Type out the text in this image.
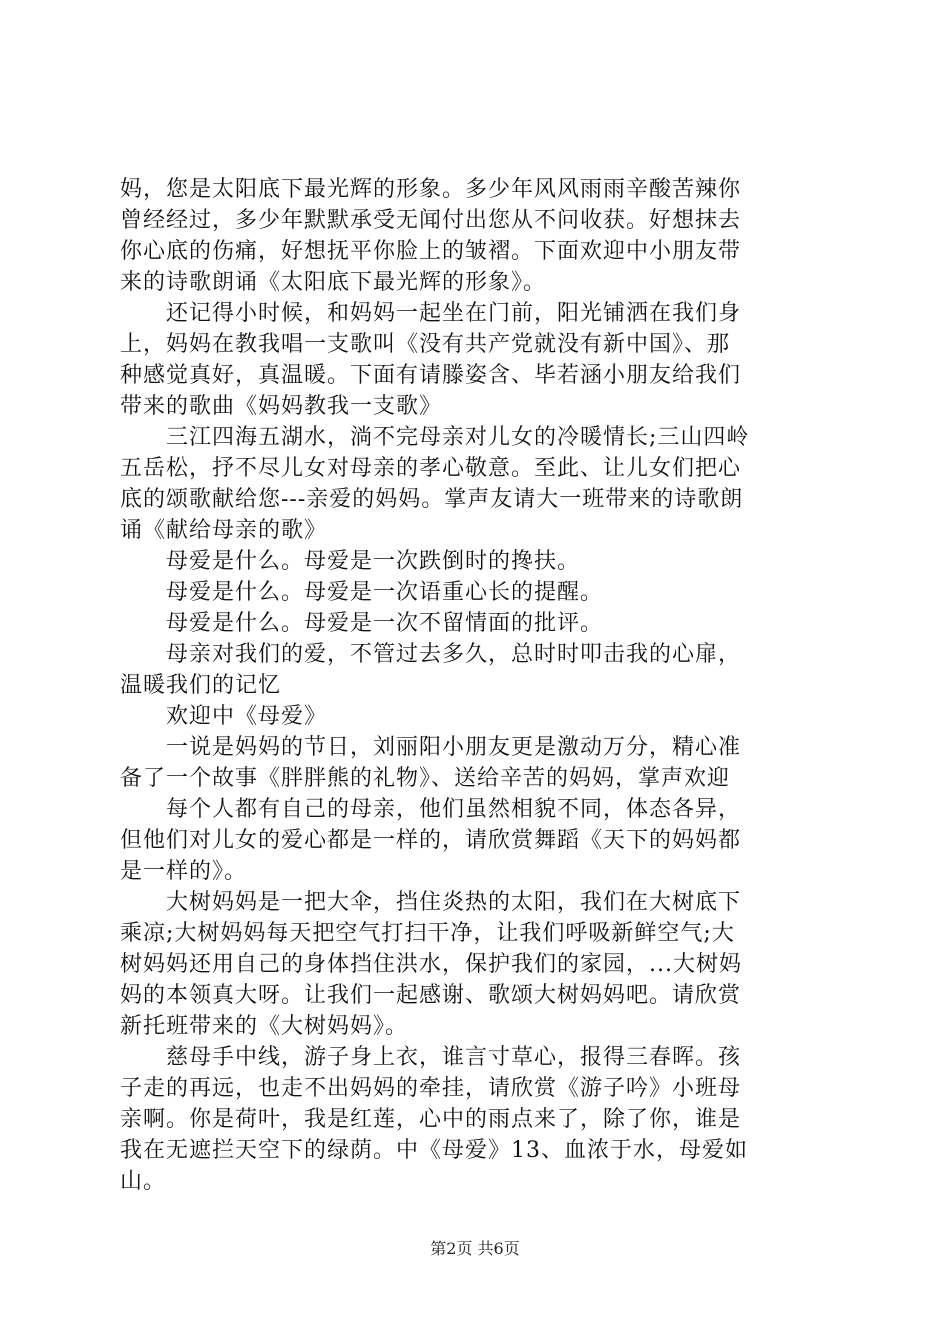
妈，您是太阳底下最光辉的形象。多少年风风雨雨辛酸苦辣你
曾经经过，多少年默默承受无闻付出您从不问收获。好想抹去
你心底的伤痛，好想抚平你脸上的皱褶。下面欢迎中小朋友带
来的诗歌朗诵《太阳底下最光辉的形象》。
还记得小时候，和妈妈一起坐在门前，阳光铺洒在我们身
上，妈妈在教我唱一支歌叫《没有共产党就没有新中国》、那
种感觉真好，真温暖。下面有请滕姿含、毕若涵小朋友给我们
带来的歌曲《妈妈教我一支歌》
三江四海五湖水，淌不完母亲对儿女的冷暖情长;三山四岭
五岳松，抒不尽儿女对母亲的孝心敬意。至此、让儿女们把心
底的颂歌献给您---亲爱的妈妈。掌声友请大一班带来的诗歌朗
诵《献给母亲的歌》
母爱是什么。母爱是一次跌倒时的搀扶。
母爱是什么。母爱是一次语重心长的提醒。
母爱是什么。母爱是一次不留情面的批评。
母亲对我们的爱，不管过去多久，总时时叩击我的心扉，
温暖我们的记忆
欢迎中《母爱》
一说是妈妈的节日，刘丽阳小朋友更是激动万分，精心准
备了一个故事《胖胖熊的礼物》、送给辛苦的妈妈，掌声欢迎
每个人都有自己的母亲，他们虽然相貌不同，体态各异，
但他们对儿女的爱心都是一样的，请欣赏舞蹈《天下的妈妈都
是一样的》。
大树妈妈是一把大伞，挡住炎热的太阳，我们在大树底下
乘凉;大树妈妈每天把空气打扫干净，让我们呼吸新鲜空气;大
树妈妈还用自己的身体挡住洪水，保护我们的家园，...大树妈
妈的本领真大呀。让我们一起感谢、歌颂大树妈妈吧。请欣赏
新托班带来的《大树妈妈》。
慈母手中线，游子身上衣，谁言寸草心，报得三春晖。孩
子走的再远，也走不出妈妈的牵挂，请欣赏《游子吟》小班母
亲啊。你是荷叶，我是红莲，心中的雨点来了，除了你，谁是
我在无遮拦天空下的绿荫。中《母爱》13、血浓于水，母爱如
山。
第2页 共6页
